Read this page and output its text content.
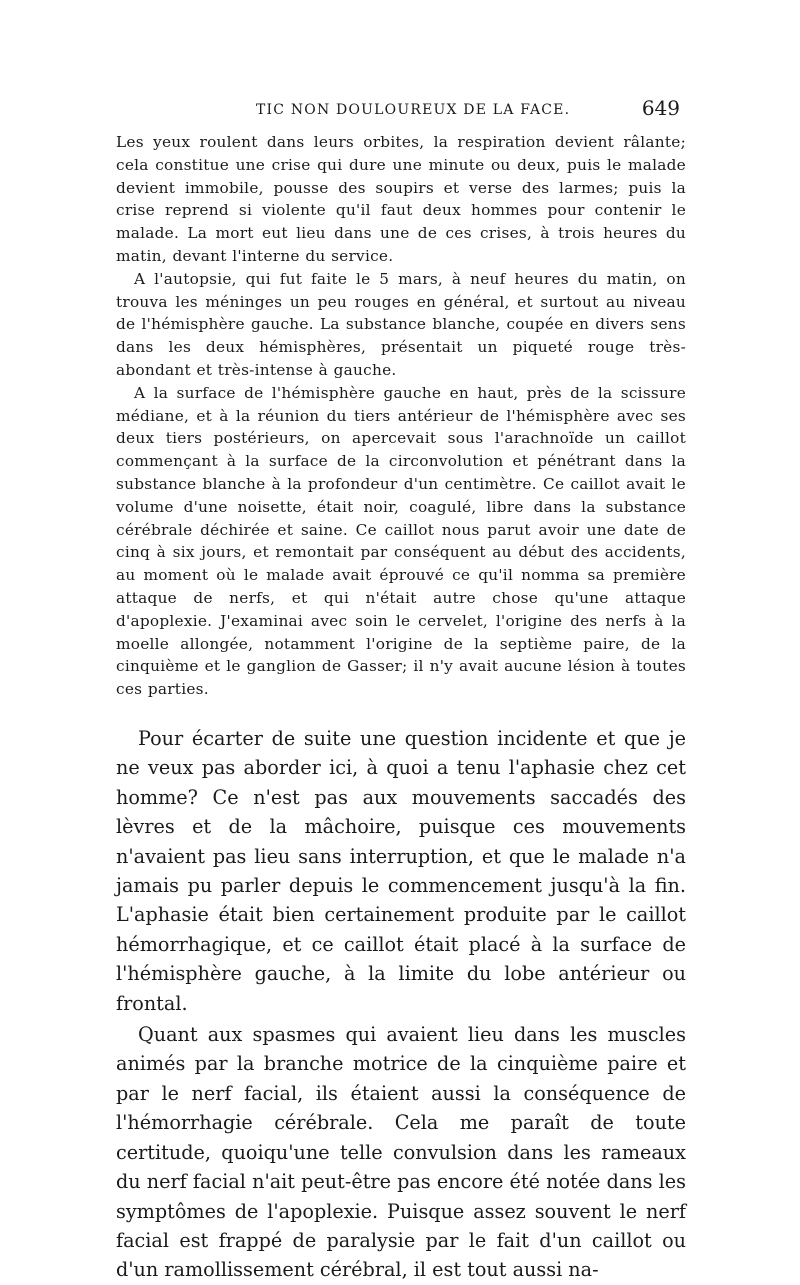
TIC NON DOULOUREUX DE LA FACE.	649

Les yeux roulent dans leurs orbites, la respiration devient râlante; cela constitue une crise qui dure une minute ou deux, puis le malade devient immobile, pousse des soupirs et verse des larmes; puis la crise reprend si violente qu'il faut deux hommes pour contenir le malade. La mort eut lieu dans une de ces crises, à trois heures du matin, devant l'interne du service.

A l'autopsie, qui fut faite le 5 mars, à neuf heures du matin, on trouva les méninges un peu rouges en général, et surtout au niveau de l'hémisphère gauche. La substance blanche, coupée en divers sens dans les deux hémisphères, présentait un piqueté rouge très-abondant et très-intense à gauche.

A la surface de l'hémisphère gauche en haut, près de la scissure médiane, et à la réunion du tiers antérieur de l'hémisphère avec ses deux tiers postérieurs, on apercevait sous l'arachnoïde un caillot commençant à la surface de la circonvolution et pénétrant dans la substance blanche à la profondeur d'un centimètre. Ce caillot avait le volume d'une noisette, était noir, coagulé, libre dans la substance cérébrale déchirée et saine. Ce caillot nous parut avoir une date de cinq à six jours, et remontait par conséquent au début des accidents, au moment où le malade avait éprouvé ce qu'il nomma sa première attaque de nerfs, et qui n'était autre chose qu'une attaque d'apoplexie. J'examinai avec soin le cervelet, l'origine des nerfs à la moelle allongée, notamment l'origine de la septième paire, de la cinquième et le ganglion de Gasser; il n'y avait aucune lésion à toutes ces parties.

Pour écarter de suite une question incidente et que je ne veux pas aborder ici, à quoi a tenu l'aphasie chez cet homme? Ce n'est pas aux mouvements saccadés des lèvres et de la mâchoire, puisque ces mouvements n'avaient pas lieu sans interruption, et que le malade n'a jamais pu parler depuis le commencement jusqu'à la fin. L'aphasie était bien certainement produite par le caillot hémorrhagique, et ce caillot était placé à la surface de l'hémisphère gauche, à la limite du lobe antérieur ou frontal.

Quant aux spasmes qui avaient lieu dans les muscles animés par la branche motrice de la cinquième paire et par le nerf facial, ils étaient aussi la conséquence de l'hémorrhagie cérébrale. Cela me paraît de toute certitude, quoiqu'une telle convulsion dans les rameaux du nerf facial n'ait peut-être pas encore été notée dans les symptômes de l'apoplexie. Puisque assez souvent le nerf facial est frappé de paralysie par le fait d'un caillot ou d'un ramollissement cérébral, il est tout aussi na-
